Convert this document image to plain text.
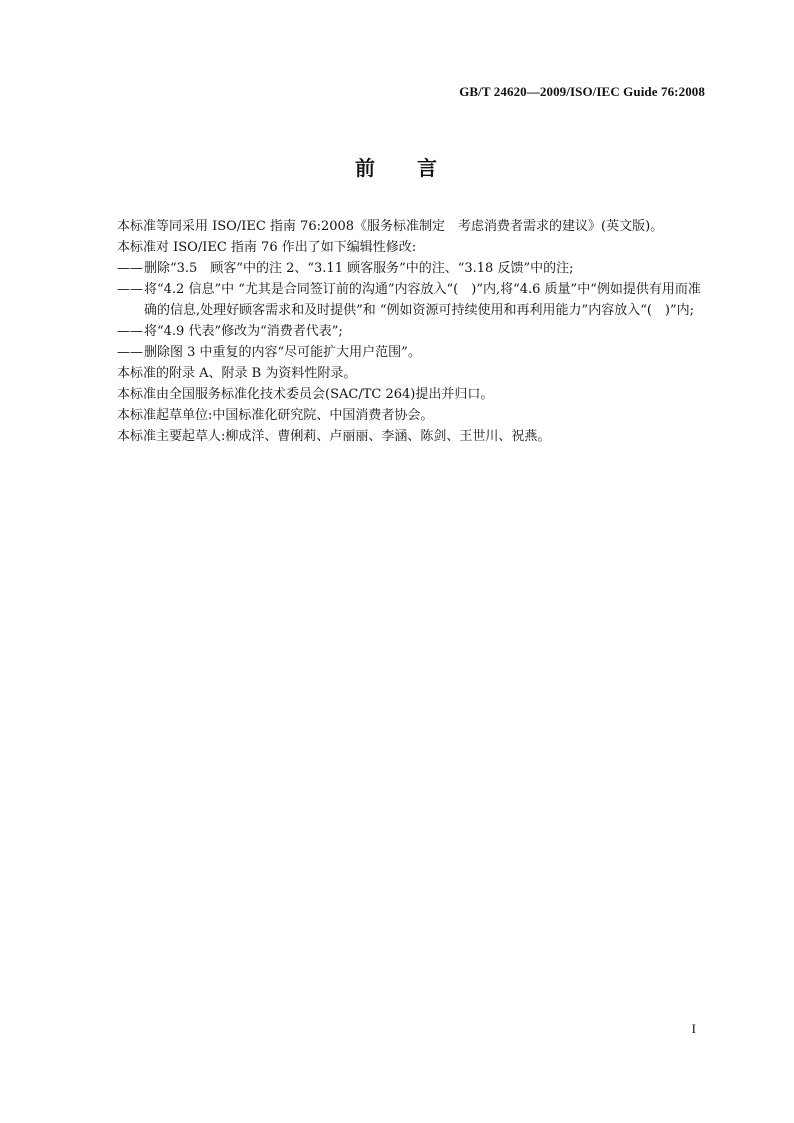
GB/T 24620—2009/ISO/IEC Guide 76:2008
前 言

本标准等同采用 ISO/IEC 指南 76:2008《服务标准制定　考虑消费者需求的建议》(英文版)。

本标准对 ISO/IEC 指南 76 作出了如下编辑性修改:

—— 删除“3.5　顾客”中的注 2、“3.11 顾客服务”中的注、“3.18 反馈”中的注;
—— 将“4.2 信息”中 “尤其是合同签订前的沟通”内容放入“(　)”内,将“4.6 质量”中“例如提供有用而准确的信息,处理好顾客需求和及时提供”和 “例如资源可持续使用和再利用能力”内容放入“(　)”内;
—— 将“4.9 代表”修改为“消费者代表”;
—— 删除图 3 中重复的内容“尽可能扩大用户范围”。

本标准的附录 A、附录 B 为资料性附录。

本标准由全国服务标准化技术委员会(SAC/TC 264)提出并归口。

本标准起草单位:中国标准化研究院、中国消费者协会。

本标准主要起草人:柳成洋、曹俐莉、卢丽丽、李涵、陈剑、王世川、祝燕。

I
